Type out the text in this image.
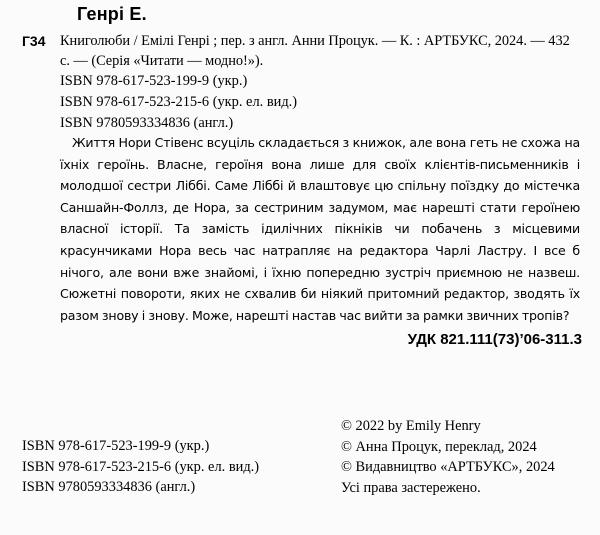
Генрі Е.
Г34 Книголюби / Емілі Генрі ; пер. з англ. Анни Процук. — К. : АРТБУКС, 2024. — 432 с. — (Серія «Читати — модно!»).
ISBN 978-617-523-199-9 (укр.)
ISBN 978-617-523-215-6 (укр. ел. вид.)
ISBN 9780593334836 (англ.)

Життя Нори Стівенс всуціль складається з книжок, але вона геть не схожа на їхніх героїнь. Власне, героїня вона лише для своїх клієнтів-письменників і молодшої сестри Ліббі. Саме Ліббі й влаштовує цю спільну поїздку до містечка Саншайн-Фоллз, де Нора, за сестриним задумом, має нарешті стати героїнею власної історії. Та замість ідилічних пікніків чи побачень з місцевими красунчиками Нора весь час натрапляє на редактора Чарлі Ластру. І все б нічого, але вони вже знайомі, і їхню попередню зустріч приємною не назвеш. Сюжетні повороти, яких не схвалив би ніякий притомний редактор, зводять їх разом знову і знову. Може, нарешті настав час вийти за рамки звичних тропів?

УДК 821.111(73)’06-311.3
ISBN 978-617-523-199-9 (укр.)
ISBN 978-617-523-215-6 (укр. ел. вид.)
ISBN 9780593334836 (англ.)
© 2022 by Emily Henry
© Анна Процук, переклад, 2024
© Видавництво «АРТБУКС», 2024
Усі права застережено.
